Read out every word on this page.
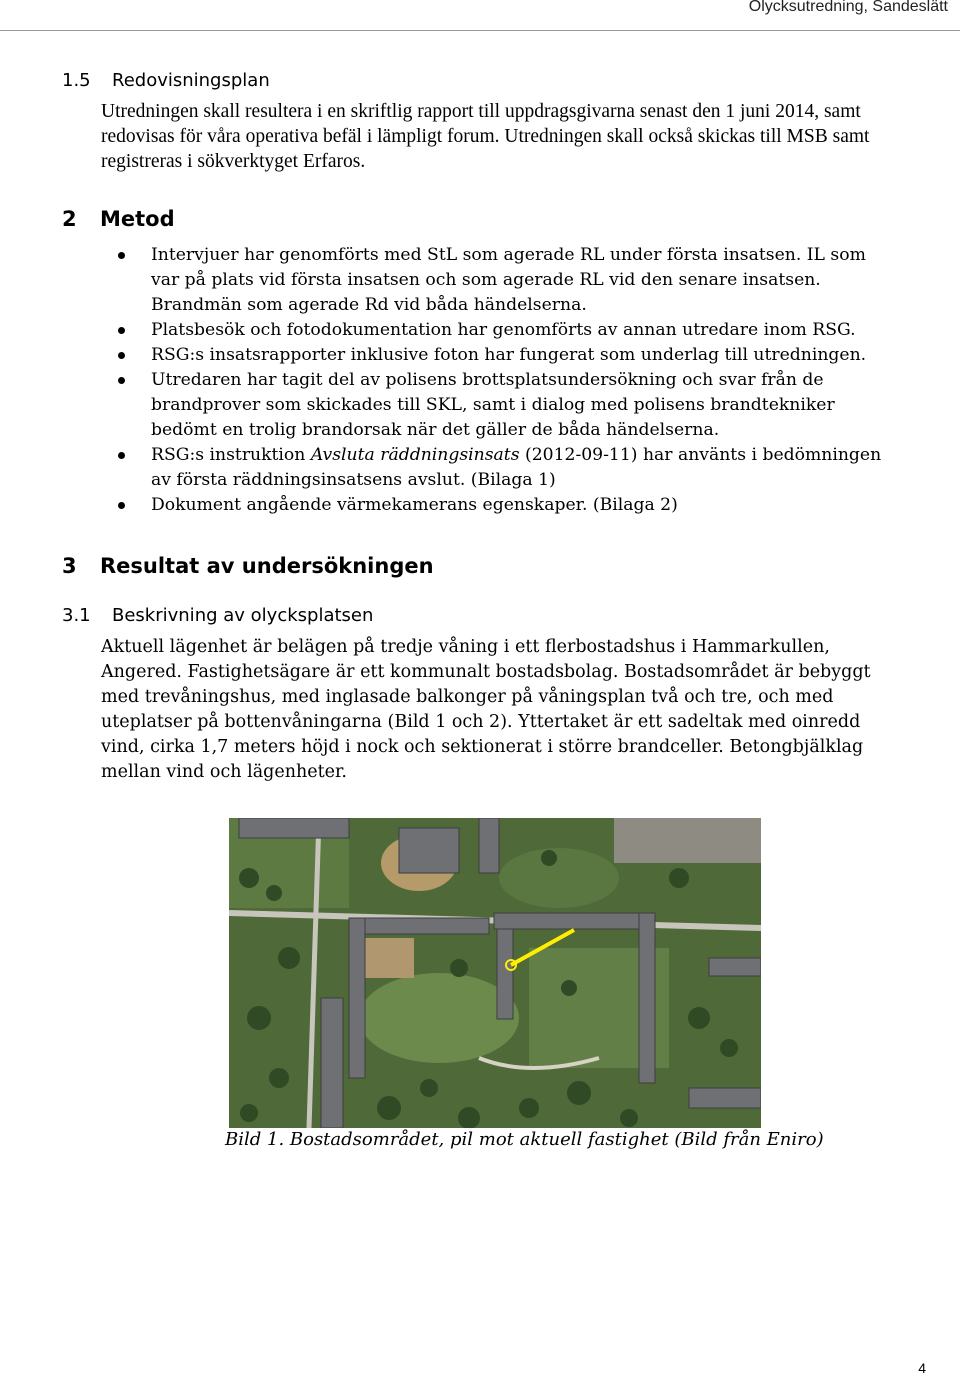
Olycksutredning, Sandeslätt
1.5 Redovisningsplan
Utredningen skall resultera i en skriftlig rapport till uppdragsgivarna senast den 1 juni 2014, samt redovisas för våra operativa befäl i lämpligt forum. Utredningen skall också skickas till MSB samt registreras i sökverktyget Erfaros.
2 Metod
Intervjuer har genomförts med StL som agerade RL under första insatsen. IL som var på plats vid första insatsen och som agerade RL vid den senare insatsen. Brandmän som agerade Rd vid båda händelserna.
Platsbesök och fotodokumentation har genomförts av annan utredare inom RSG.
RSG:s insatsrapporter inklusive foton har fungerat som underlag till utredningen.
Utredaren har tagit del av polisens brottsplatsundersökning och svar från de brandprover som skickades till SKL, samt i dialog med polisens brandtekniker bedömt en trolig brandorsak när det gäller de båda händelserna.
RSG:s instruktion Avsluta räddningsinsats (2012-09-11) har använts i bedömningen av första räddningsinsatsens avslut. (Bilaga 1)
Dokument angående värmekamerans egenskaper. (Bilaga 2)
3 Resultat av undersökningen
3.1 Beskrivning av olycksplatsen
Aktuell lägenhet är belägen på tredje våning i ett flerbostadshus i Hammarkullen, Angered. Fastighetsägare är ett kommunalt bostadsbolag. Bostadsområdet är bebyggt med trevåningshus, med inglasade balkonger på våningsplan två och tre, och med uteplatser på bottenvåningarna (Bild 1 och 2). Yttertaket är ett sadeltak med oinredd vind, cirka 1,7 meters höjd i nock och sektionerat i större brandceller. Betongbjälklag mellan vind och lägenheter.
Bild 1. Bostadsområdet, pil mot aktuell fastighet (Bild från Eniro)
4
